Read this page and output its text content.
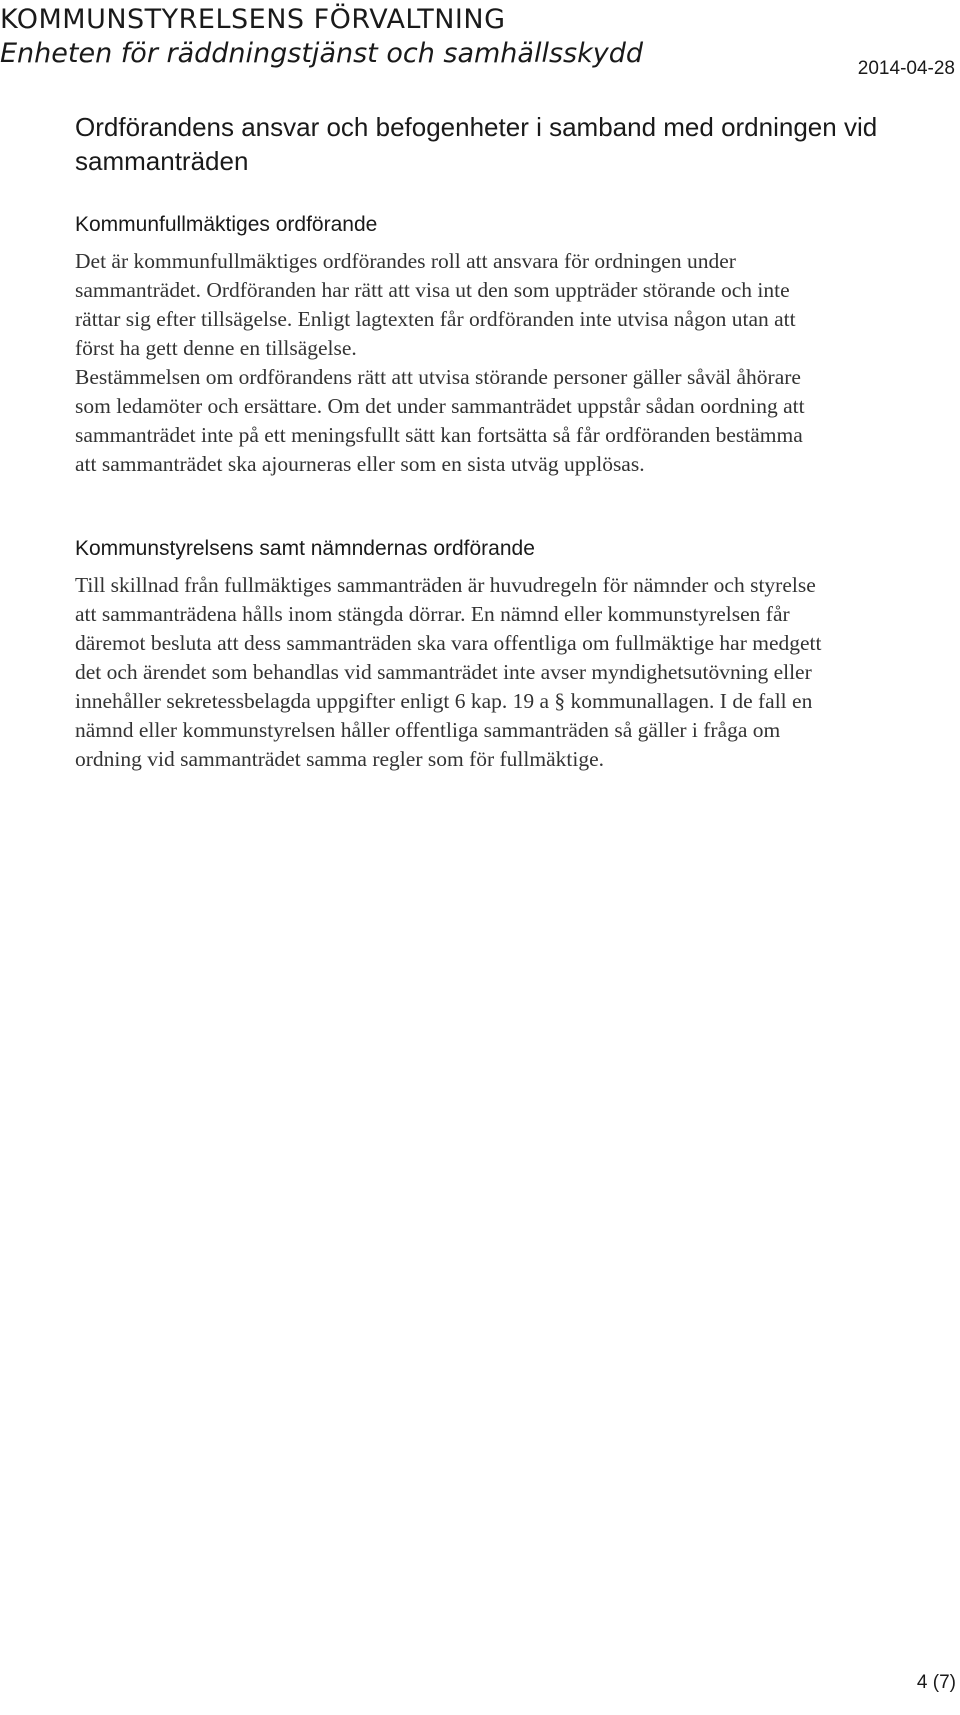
KOMMUNSTYRELSENS FÖRVALTNING
Enheten för räddningstjänst och samhällsskydd	2014-04-28
Ordförandens ansvar och befogenheter i samband med ordningen vid sammanträden
Kommunfullmäktiges ordförande
Det är kommunfullmäktiges ordförandes roll att ansvara för ordningen under
sammanträdet. Ordföranden har rätt att visa ut den som uppträder störande och inte
rättar sig efter tillsägelse. Enligt lagtexten får ordföranden inte utvisa någon utan att
först ha gett denne en tillsägelse.
Bestämmelsen om ordförandens rätt att utvisa störande personer gäller såväl åhörare
som ledamöter och ersättare. Om det under sammanträdet uppstår sådan oordning att
sammanträdet inte på ett meningsfullt sätt kan fortsätta så får ordföranden bestämma
att sammanträdet ska ajourneras eller som en sista utväg upplösas.
Kommunstyrelsens samt nämndernas ordförande
Till skillnad från fullmäktiges sammanträden är huvudregeln för nämnder och styrelse
att sammanträdena hålls inom stängda dörrar. En nämnd eller kommunstyrelsen får
däremot besluta att dess sammanträden ska vara offentliga om fullmäktige har medgett
det och ärendet som behandlas vid sammanträdet inte avser myndighetsutövning eller
innehåller sekretessbelagda uppgifter enligt 6 kap. 19 a § kommunallagen. I de fall en
nämnd eller kommunstyrelsen håller offentliga sammanträden så gäller i fråga om
ordning vid sammanträdet samma regler som för fullmäktige.
4 (7)
